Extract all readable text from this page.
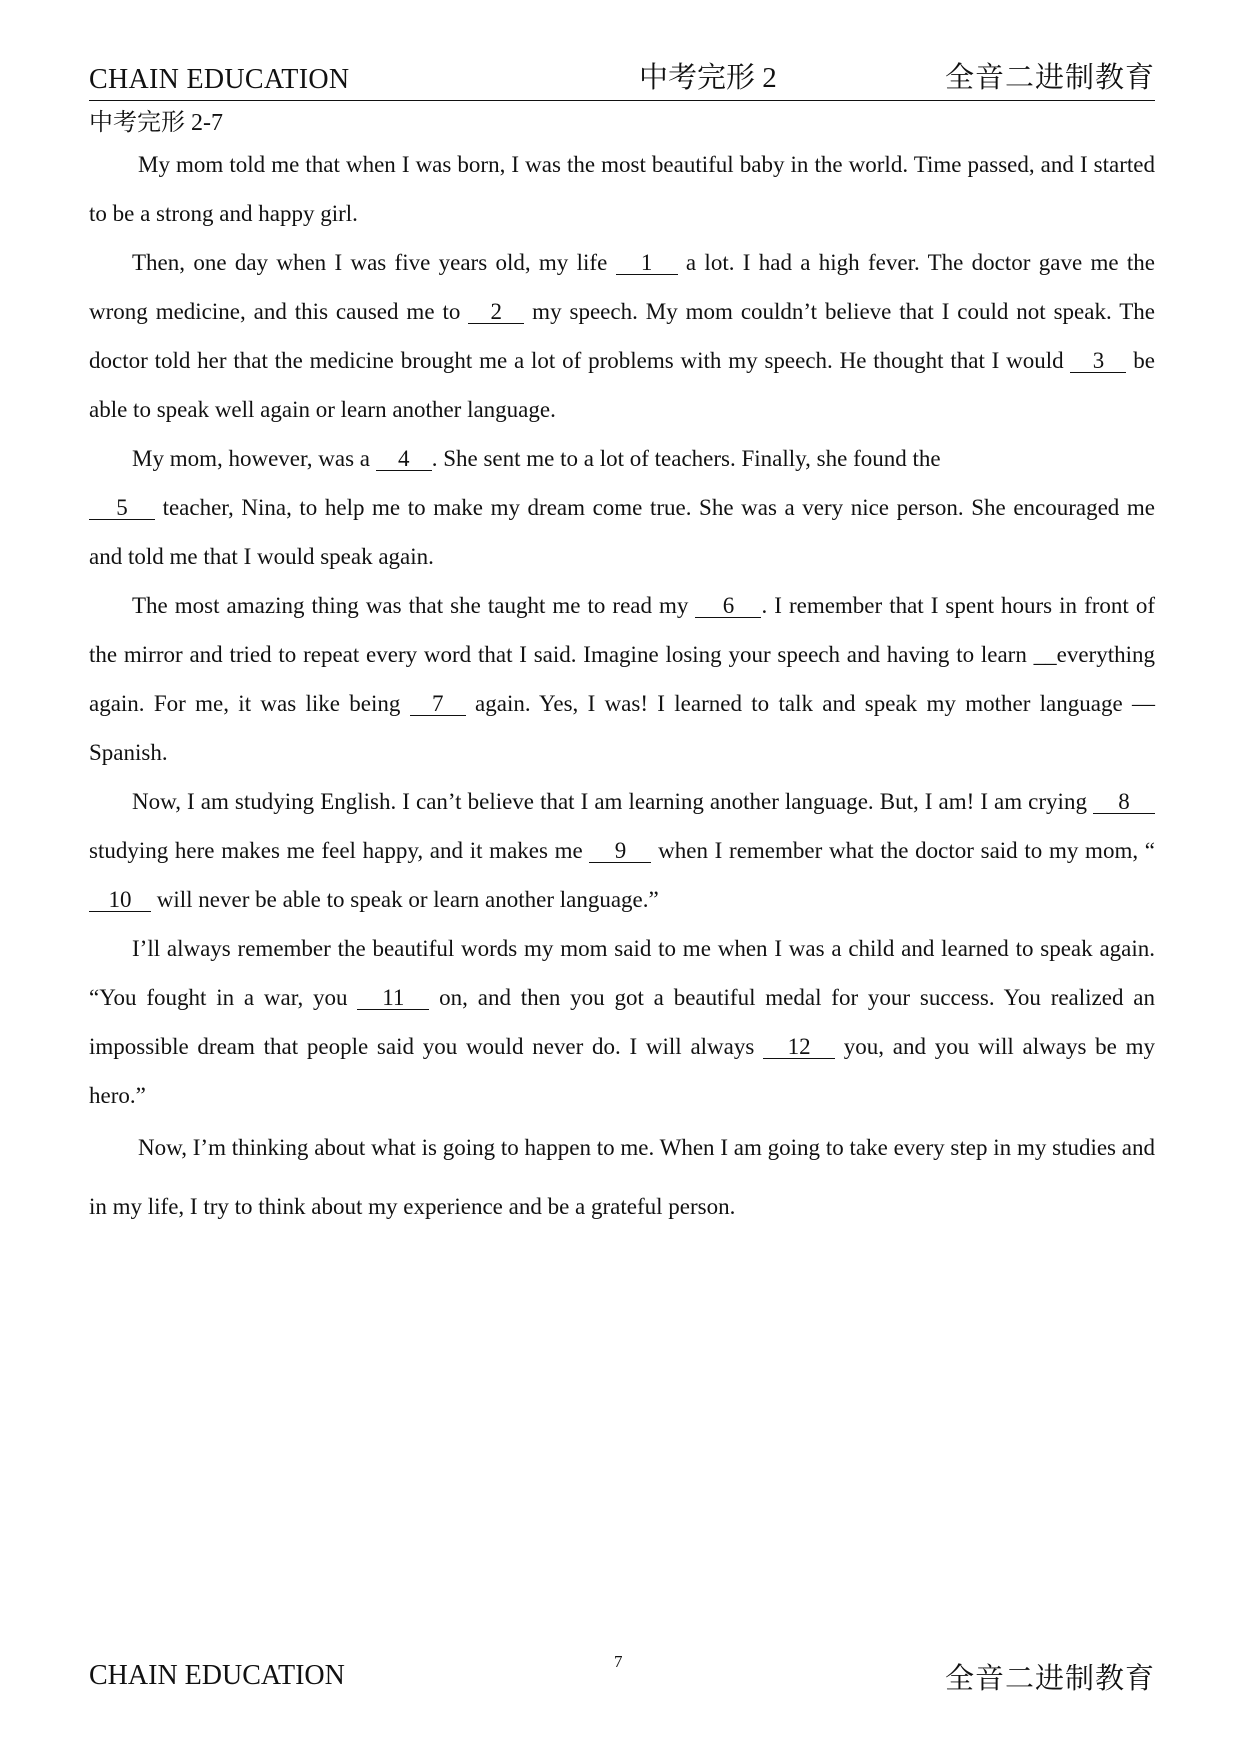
CHAIN EDUCATION	中考完形 2	全音二进制教育
中考完形 2-7

My mom told me that when I was born, I was the most beautiful baby in the world. Time passed, and I started to be a strong and happy girl.

Then, one day when I was five years old, my life 1 a lot. I had a high fever. The doctor gave me the wrong medicine, and this caused me to 2 my speech. My mom couldn’t believe that I could not speak. The doctor told her that the medicine brought me a lot of problems with my speech. He thought that I would 3 be able to speak well again or learn another language.

My mom, however, was a 4 . She sent me to a lot of teachers. Finally, she found the
5 teacher, Nina, to help me to make my dream come true. She was a very nice person. She encouraged me and told me that I would speak again.

The most amazing thing was that she taught me to read my 6 . I remember that I spent hours in front of the mirror and tried to repeat every word that I said. Imagine losing your speech and having to learn __everything again. For me, it was like being 7 again. Yes, I was! I learned to talk and speak my mother language — Spanish.

Now, I am studying English. I can’t believe that I am learning another language. But, I am! I am crying 8 studying here makes me feel happy, and it makes me 9 when I remember what the doctor said to my mom, “10 will never be able to speak or learn another language.”

I’ll always remember the beautiful words my mom said to me when I was a child and learned to speak again. “You fought in a war, you 11 on, and then you got a beautiful medal for your success. You realized an impossible dream that people said you would never do. I will always 12 you, and you will always be my hero.”

Now, I’m thinking about what is going to happen to me. When I am going to take every step in my studies and in my life, I try to think about my experience and be a grateful person.

CHAIN EDUCATION	7
全音二进制教育
